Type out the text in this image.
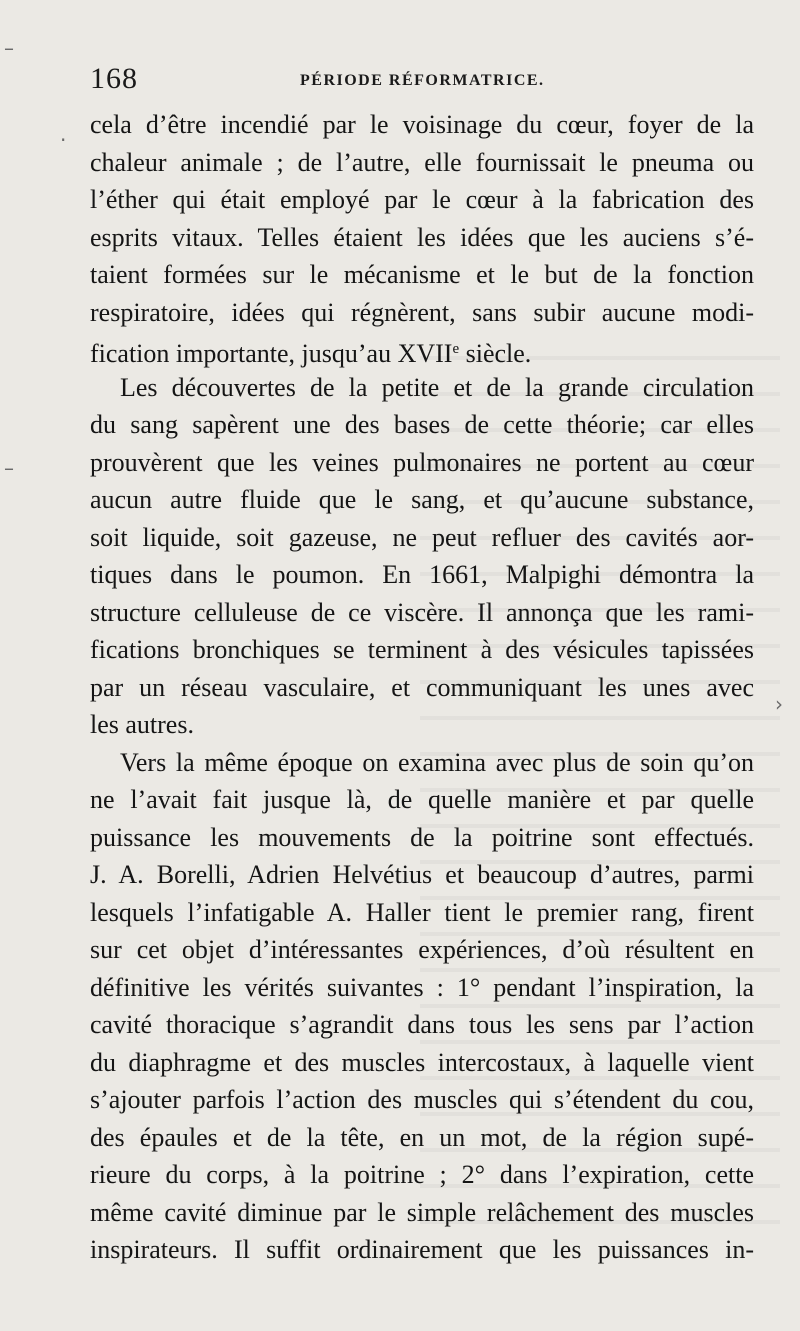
.
–
–
›
168	PÉRIODE RÉFORMATRICE.
cela d’être incendié par le voisinage du cœur, foyer de la
chaleur animale ; de l’autre, elle fournissait le pneuma ou
l’éther qui était employé par le cœur à la fabrication des
esprits vitaux. Telles étaient les idées que les auciens s’é-
taient formées sur le mécanisme et le but de la fonction
respiratoire, idées qui régnèrent, sans subir aucune modi-
fication importante, jusqu’au XVIIe siècle.
Les découvertes de la petite et de la grande circulation
du sang sapèrent une des bases de cette théorie; car elles
prouvèrent que les veines pulmonaires ne portent au cœur
aucun autre fluide que le sang, et qu’aucune substance,
soit liquide, soit gazeuse, ne peut refluer des cavités aor-
tiques dans le poumon. En 1661, Malpighi démontra la
structure celluleuse de ce viscère. Il annonça que les rami-
fications bronchiques se terminent à des vésicules tapissées
par un réseau vasculaire, et communiquant les unes avec
les autres.
Vers la même époque on examina avec plus de soin qu’on
ne l’avait fait jusque là, de quelle manière et par quelle
puissance les mouvements de la poitrine sont effectués.
J. A. Borelli, Adrien Helvétius et beaucoup d’autres, parmi
lesquels l’infatigable A. Haller tient le premier rang, firent
sur cet objet d’intéressantes expériences, d’où résultent en
définitive les vérités suivantes : 1° pendant l’inspiration, la
cavité thoracique s’agrandit dans tous les sens par l’action
du diaphragme et des muscles intercostaux, à laquelle vient
s’ajouter parfois l’action des muscles qui s’étendent du cou,
des épaules et de la tête, en un mot, de la région supé-
rieure du corps, à la poitrine ; 2° dans l’expiration, cette
même cavité diminue par le simple relâchement des muscles
inspirateurs. Il suffit ordinairement que les puissances in-
